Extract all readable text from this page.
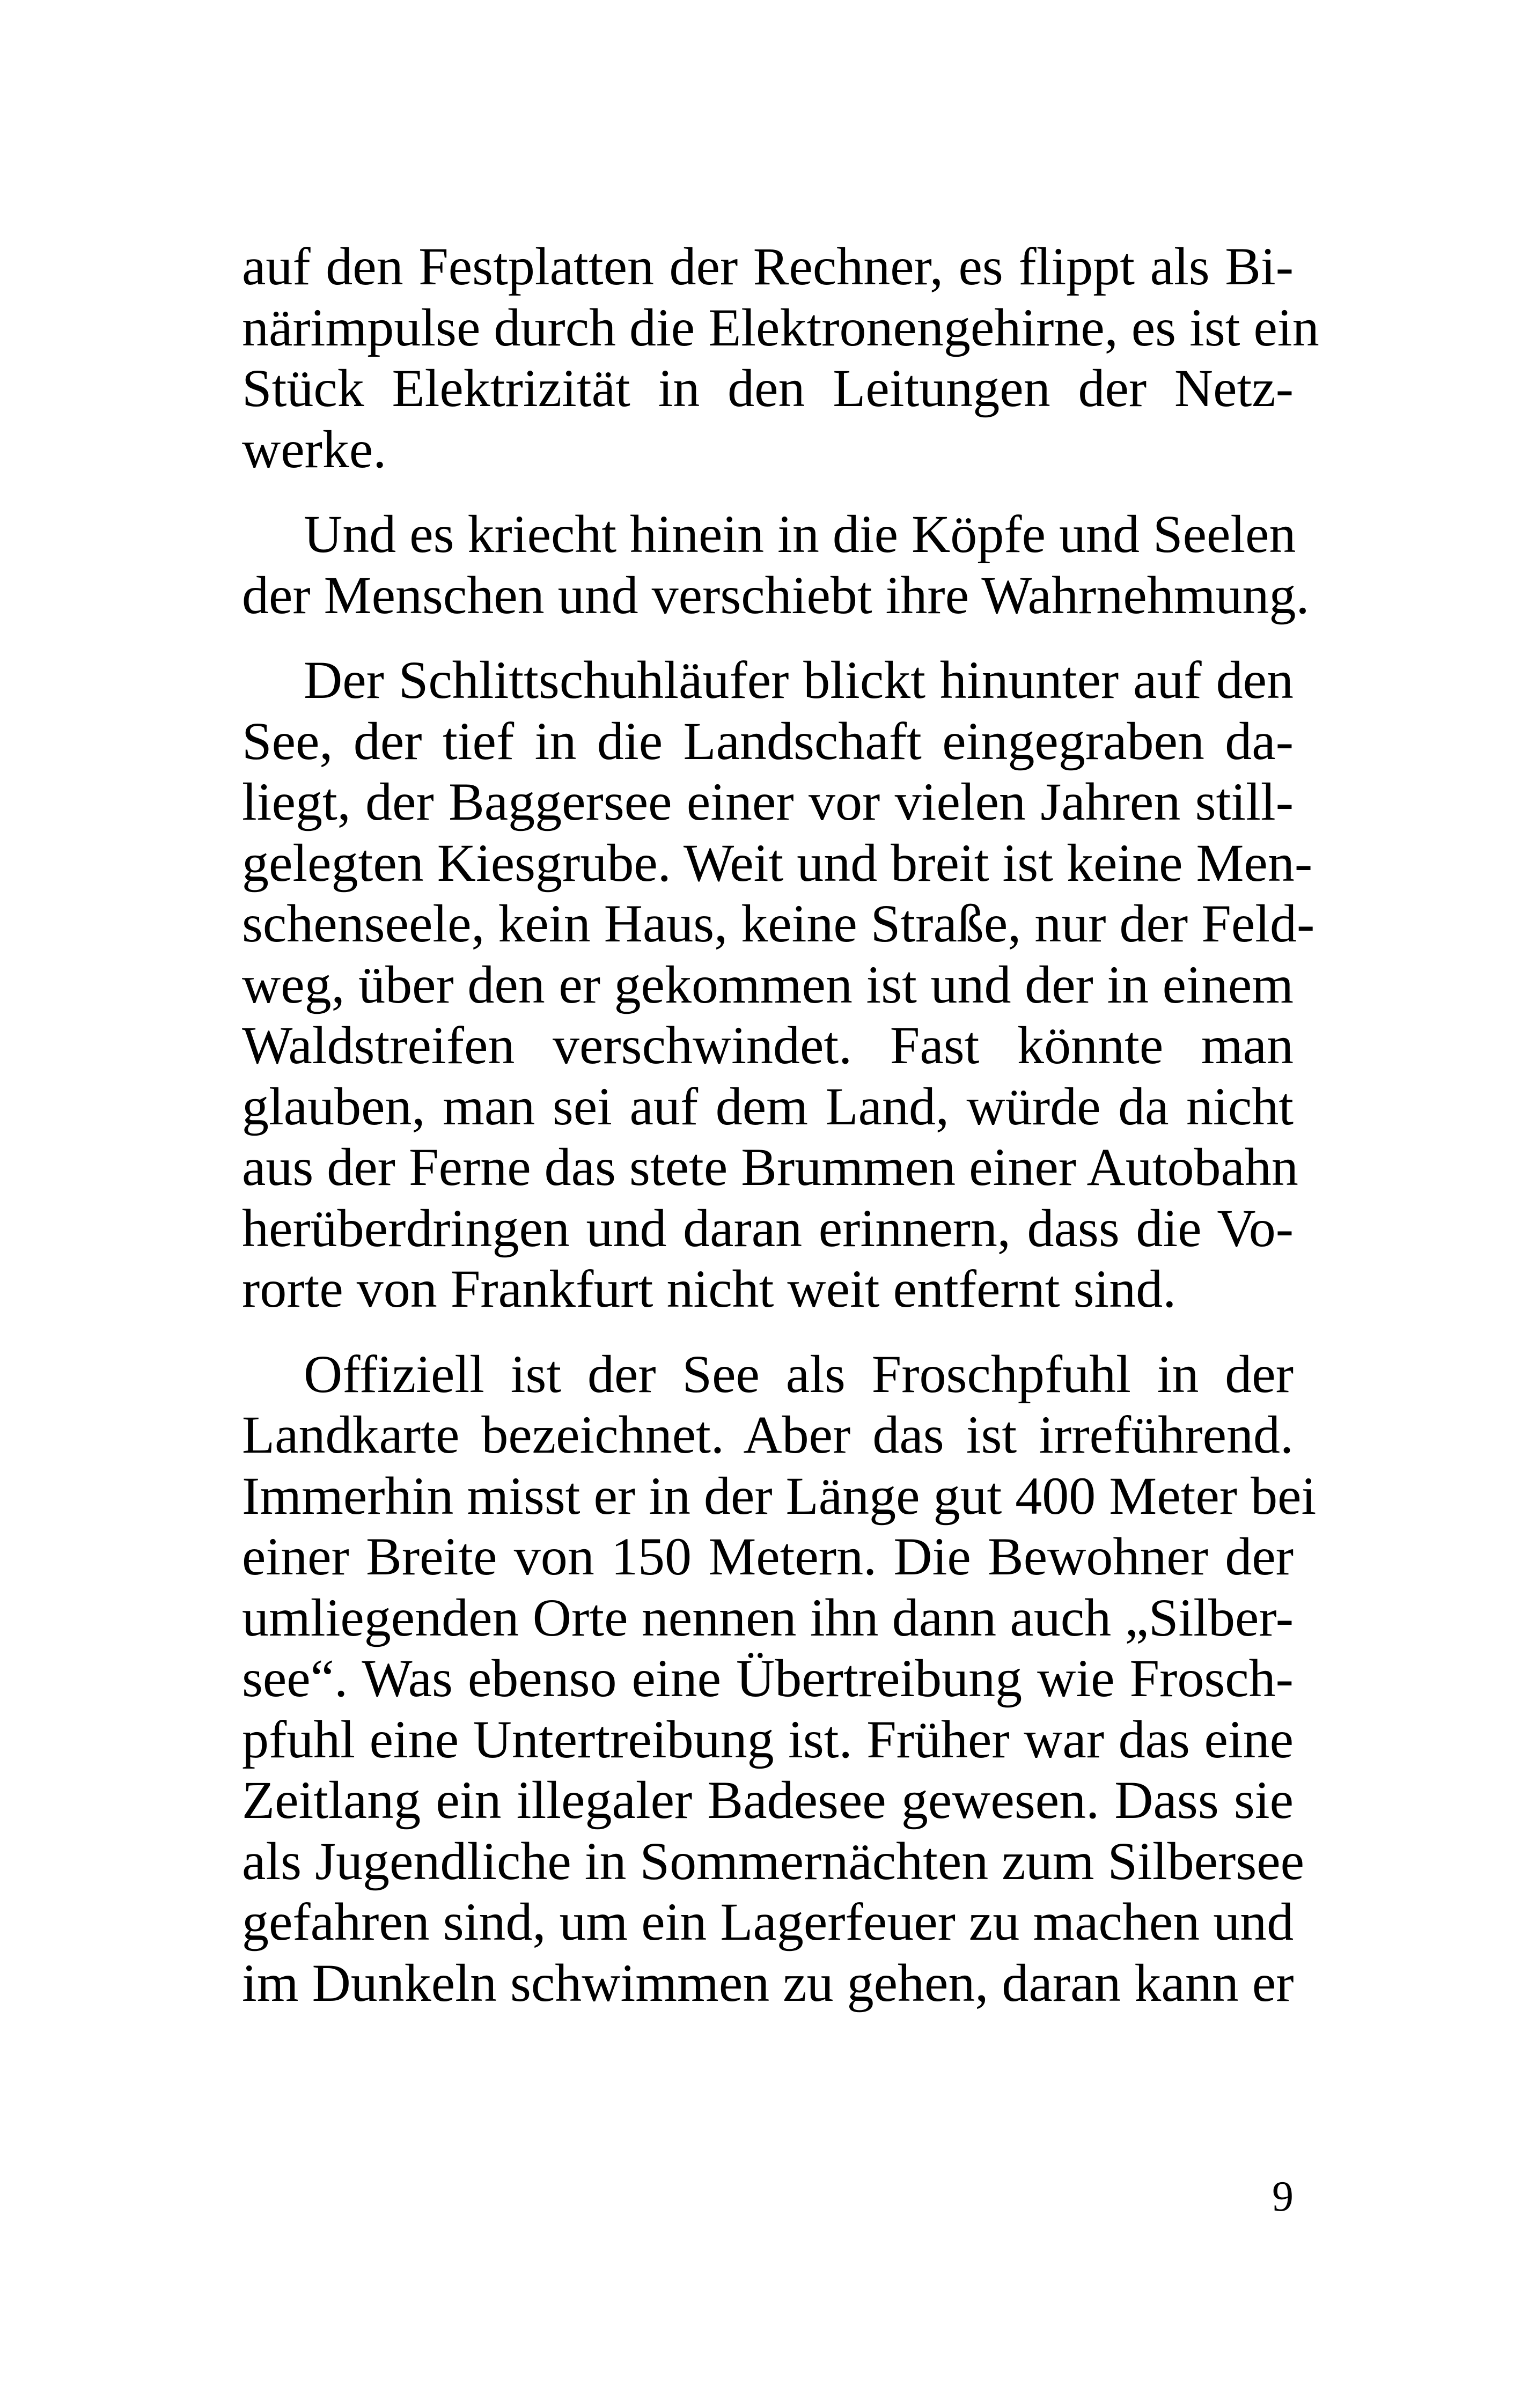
auf den Festplatten der Rechner, es flippt als Bi-
närimpulse durch die Elektronengehirne, es ist ein
Stück Elektrizität in den Leitungen der Netz-
werke.
Und es kriecht hinein in die Köpfe und Seelen
der Menschen und verschiebt ihre Wahrnehmung.
Der Schlittschuhläufer blickt hinunter auf den
See, der tief in die Landschaft eingegraben da-
liegt, der Baggersee einer vor vielen Jahren still-
gelegten Kiesgrube. Weit und breit ist keine Men-
schenseele, kein Haus, keine Straße, nur der Feld-
weg, über den er gekommen ist und der in einem
Waldstreifen verschwindet. Fast könnte man
glauben, man sei auf dem Land, würde da nicht
aus der Ferne das stete Brummen einer Autobahn
herüberdringen und daran erinnern, dass die Vo-
rorte von Frankfurt nicht weit entfernt sind.
Offiziell ist der See als Froschpfuhl in der
Landkarte bezeichnet. Aber das ist irreführend.
Immerhin misst er in der Länge gut 400 Meter bei
einer Breite von 150 Metern. Die Bewohner der
umliegenden Orte nennen ihn dann auch „Silber-
see“. Was ebenso eine Übertreibung wie Frosch-
pfuhl eine Untertreibung ist. Früher war das eine
Zeitlang ein illegaler Badesee gewesen. Dass sie
als Jugendliche in Sommernächten zum Silbersee
gefahren sind, um ein Lagerfeuer zu machen und
im Dunkeln schwimmen zu gehen, daran kann er
9
